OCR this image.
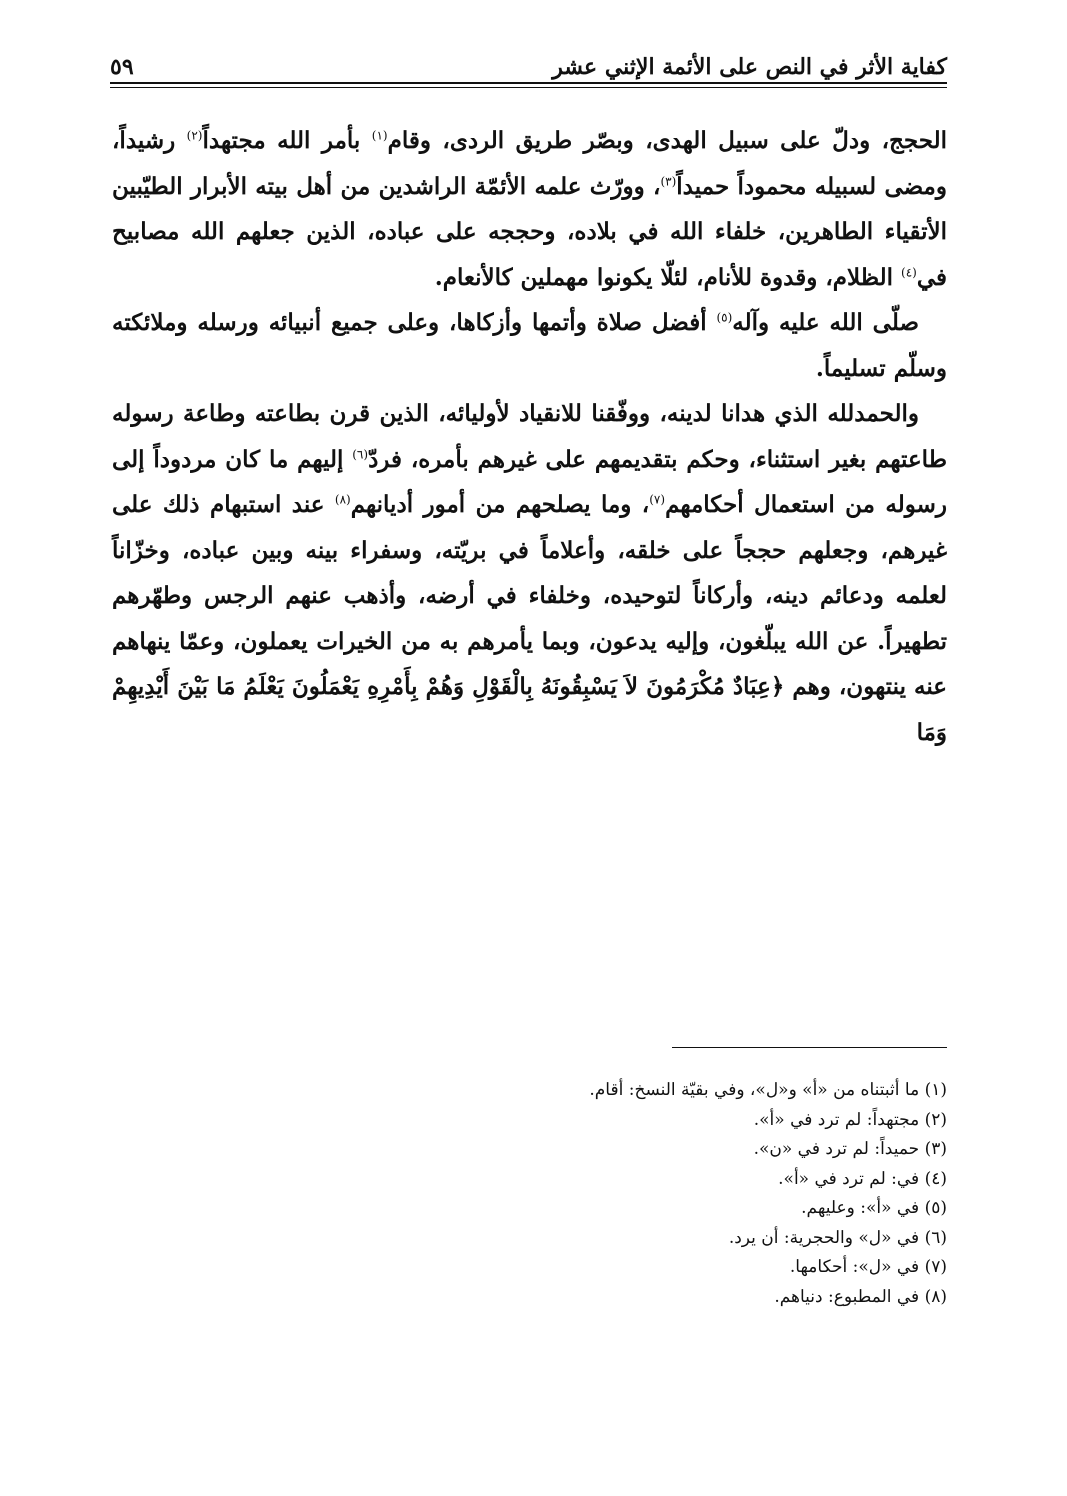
كفاية الأثر في النص على الأئمة الإثني عشر
٥٩

الحجج، ودلّ على سبيل الهدى، وبصّر طريق الردى، وقام$^{(١)}$ بأمر الله مجتهداً$^{(٢)}$ رشيداً، ومضى لسبيله محموداً حميداً$^{(٣)}$، وورّث علمه الأئمّة الراشدين من أهل بيته الأبرار الطيّبين الأتقياء الطاهرين، خلفاء الله في بلاده، وحججه على عباده، الذين جعلهم الله مصابيح في$^{(٤)}$ الظلام، وقدوة للأنام، لئلّا يكونوا مهملين كالأنعام.

صلّى الله عليه وآله$^{(٥)}$ أفضل صلاة وأتمها وأزكاها، وعلى جميع أنبيائه ورسله وملائكته وسلّم تسليماً.

والحمدلله الذي هدانا لدينه، ووفّقنا للانقياد لأوليائه، الذين قرن بطاعته وطاعة رسوله طاعتهم بغير استثناء، وحكم بتقديمهم على غيرهم بأمره، فردّ$^{(٦)}$ إليهم ما كان مردوداً إلى رسوله من استعمال أحكامهم$^{(٧)}$، وما يصلحهم من أمور أديانهم$^{(٨)}$ عند استبهام ذلك على غيرهم، وجعلهم حججاً على خلقه، وأعلاماً في بريّته، وسفراء بينه وبين عباده، وخزّاناً لعلمه ودعائم دينه، وأركاناً لتوحيده، وخلفاء في أرضه، وأذهب عنهم الرجس وطهّرهم تطهيراً. عن الله يبلّغون، وإليه يدعون، وبما يأمرهم به من الخيرات يعملون، وعمّا ينهاهم عنه ينتهون، وهم ﴿عِبَادٌ مُكْرَمُونَ لاَ يَسْبِقُونَهُ بِالْقَوْلِ وَهُمْ بِأَمْرِهِ يَعْمَلُونَ يَعْلَمُ مَا بَيْنَ أَيْدِيهِمْ وَمَا

(١) ما أثبتناه من «أ» و«ل»، وفي بقيّة النسخ: أقام.
(٢) مجتهداً: لم ترد في «أ».
(٣) حميداً: لم ترد في «ن».
(٤) في: لم ترد في «أ».
(٥) في «أ»: وعليهم.
(٦) في «ل» والحجرية: أن يرد.
(٧) في «ل»: أحكامها.
(٨) في المطبوع: دنياهم.
